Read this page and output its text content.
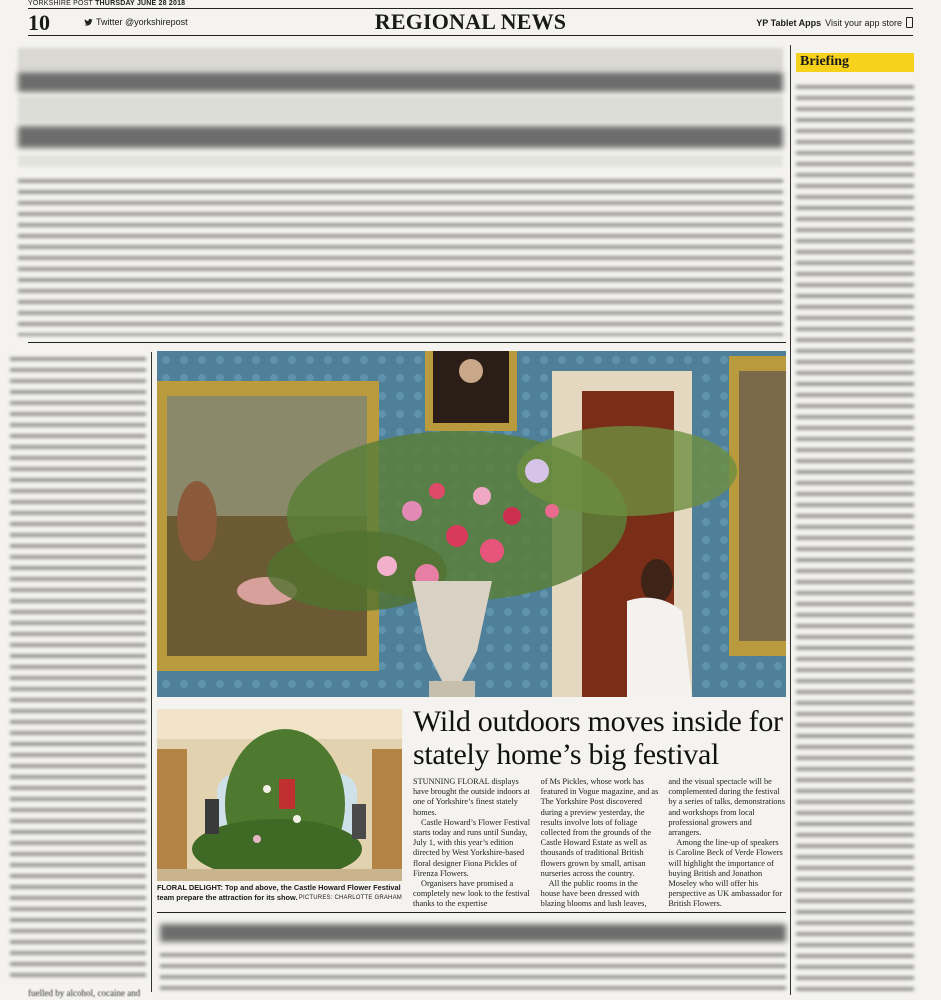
YORKSHIRE POST THURSDAY JUNE 28 2018
10	Twitter @yorkshirepost	REGIONAL NEWS	YP Tablet Apps Visit your app store
Briefing
Wild outdoors moves inside for stately home’s big festival

STUNNING FLORAL displays have brought the outside indoors at one of Yorkshire’s finest stately homes.

Castle Howard’s Flower Festival starts today and runs until Sunday, July 1, with this year’s edition directed by West Yorkshire-based floral designer Fiona Pickles of Firenza Flowers.

Organisers have promised a completely new look to the festival thanks to the expertise

of Ms Pickles, whose work has featured in Vogue magazine, and as The Yorkshire Post discovered during a preview yesterday, the results involve lots of foliage collected from the grounds of the Castle Howard Estate as well as thousands of traditional British flowers grown by small, artisan nurseries across the country.

All the public rooms in the house have been dressed with blazing blooms and lush leaves,

and the visual spectacle will be complemented during the festival by a series of talks, demonstrations and workshops from local professional growers and arrangers.

Among the line-up of speakers is Caroline Beck of Verde Flowers will highlight the importance of buying British and Jonathon Moseley who will offer his perspective as UK ambassador for British Flowers.

FLORAL DELIGHT: Top and above, the Castle Howard Flower Festival team prepare the attraction for its show. PICTURES: CHARLOTTE GRAHAM
fuelled by alcohol, cocaine and
